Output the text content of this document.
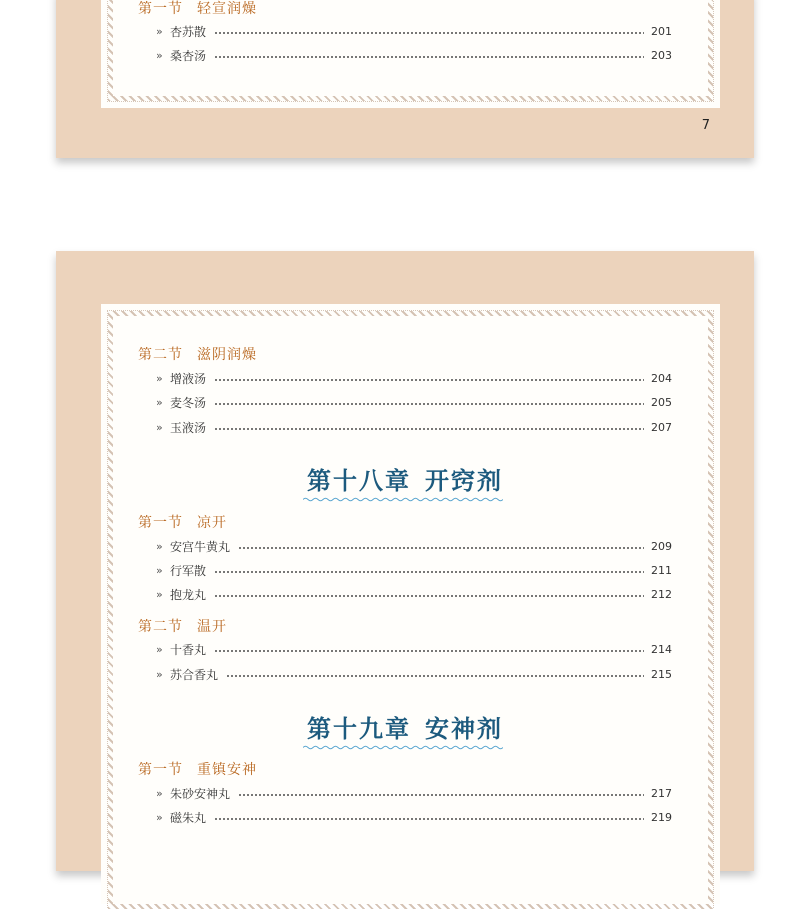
第一节 轻宣润燥
» 杏苏散	201
» 桑杏汤	203
7
第二节 滋阴润燥
» 增液汤	204
» 麦冬汤	205
» 玉液汤	207
第十八章 开窍剂
第一节 凉开
» 安宫牛黄丸	209
» 行军散	211
» 抱龙丸	212
第二节 温开
» 十香丸	214
» 苏合香丸	215
第十九章 安神剂
第一节 重镇安神
» 朱砂安神丸	217
» 磁朱丸	219
